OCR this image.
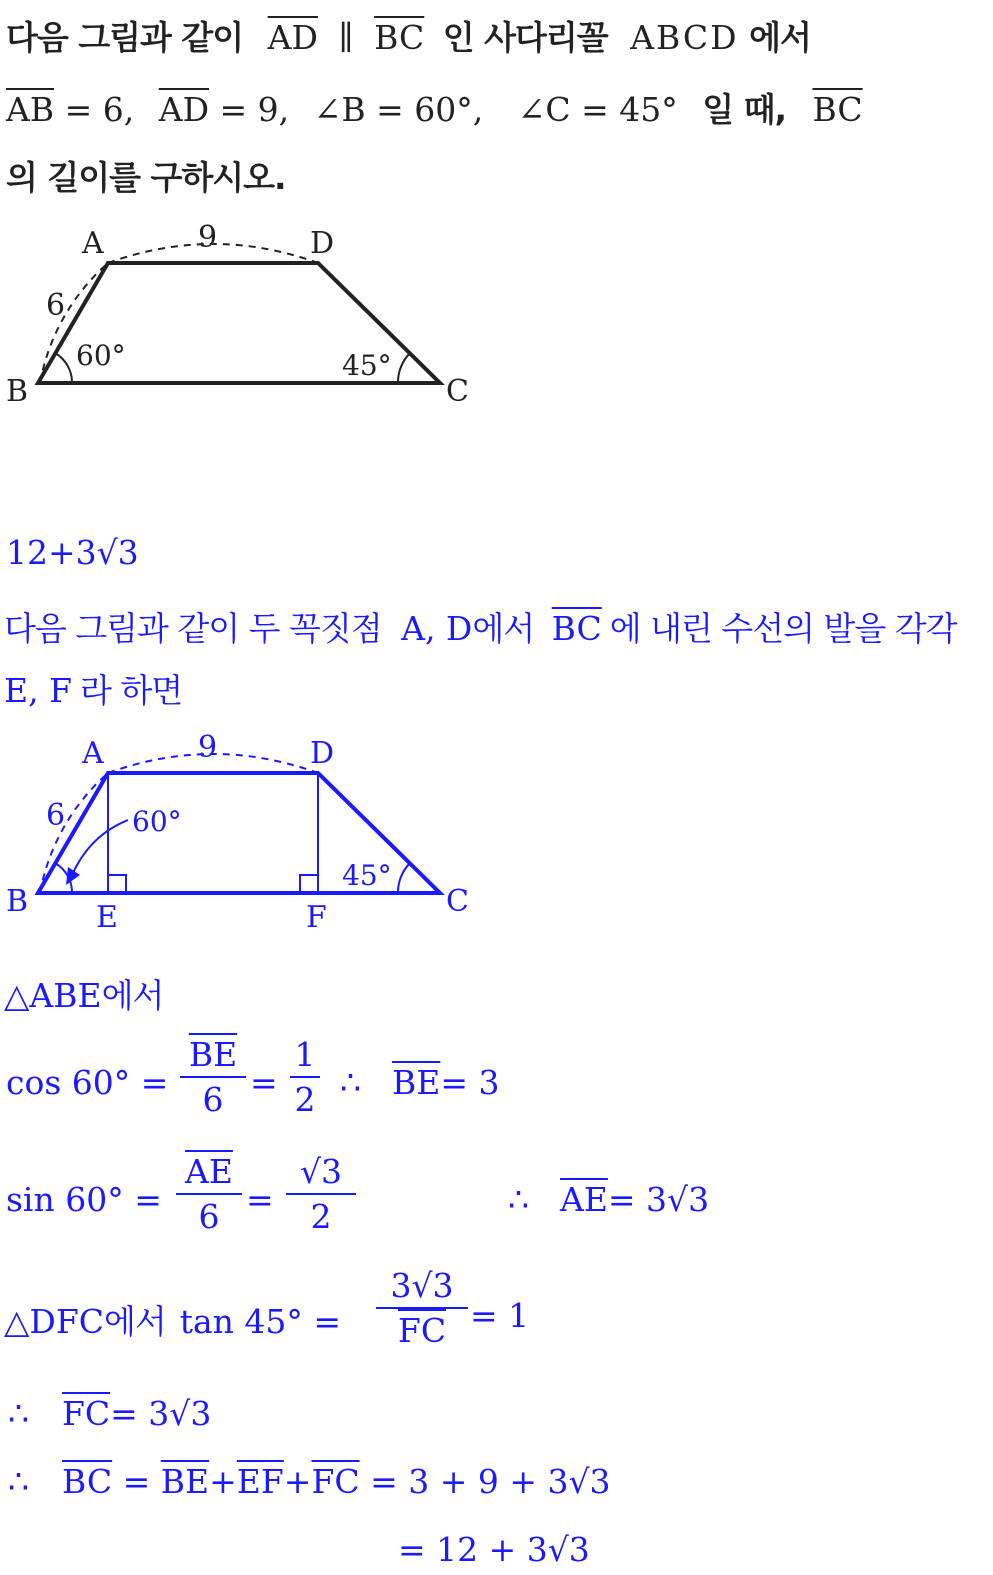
다음 그림과 같이 $\overline{AD}$ ∥ $\overline{BC}$ 인 사다리꼴 ABCD 에서
$\overline{AB} = 6$, $\overline{AD} = 9$, ∠B = 60°, ∠C = 45° 일 때, $\overline{BC}$
의 길이를 구하시오.
A	D
B	C
9
6
60°	45°
12+3√3
다음 그림과 같이 두 꼭짓점 A, D에서 $\overline{BC}$ 에 내린 수선의 발을 각각
E, F 라 하면
A	D
B	C
E	F
9
6 60°
45°
△ABE에서
cos 60° =
$\overline{BE}$
6 =
1
2 ∴ $\overline{BE}= 3$
sin 60° =
$\overline{AE}$
6 =
√3
2	∴ $\overline{AE}= 3√3$
△DFC에서 $\tan 45^\circ = \frac{3√3}{FC} = 1$
∴ $\overline{FC}= 3√3$
∴ $\overline{BC} = \overline{BE}+\overline{EF}+\overline{FC} = 3 + 9 + 3√3$
= 12 + 3√3
